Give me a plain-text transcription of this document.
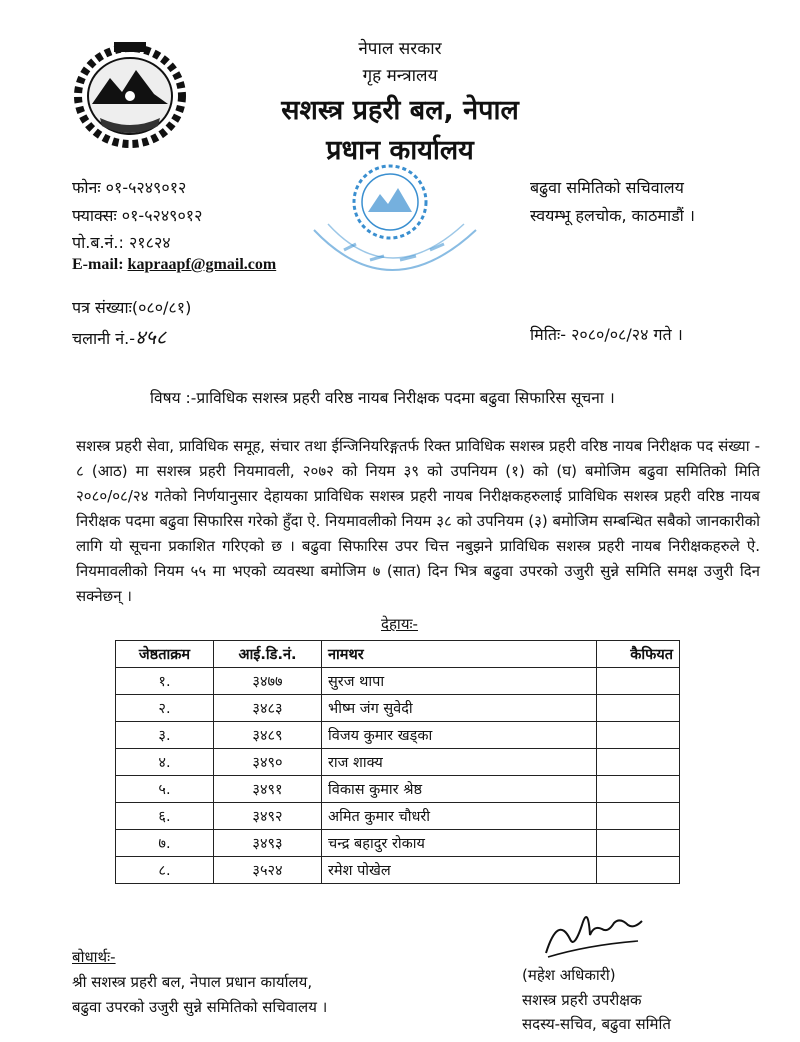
नेपाल सरकार
गृह मन्त्रालय
सशस्त्र प्रहरी बल, नेपाल
प्रधान कार्यालय
फोनः ०१-५२४९०१२
फ्याक्सः ०१-५२४९०१२
पो.ब.नं.: २१८२४
E-mail: kapraapf@gmail.com
बढुवा समितिको सचिवालय
स्वयम्भू हलचोक, काठमाडौं ।
पत्र संख्याः(०८०/८१)
चलानी नं.-४५८	मितिः- २०८०/०८/२४ गते ।
विषय :-प्राविधिक सशस्त्र प्रहरी वरिष्ठ नायब निरीक्षक पदमा बढुवा सिफारिस सूचना ।
सशस्त्र प्रहरी सेवा, प्राविधिक समूह, संचार तथा ईन्जिनियरिङ्गतर्फ रिक्त प्राविधिक सशस्त्र प्रहरी वरिष्ठ नायब निरीक्षक पद संख्या - ८ (आठ) मा सशस्त्र प्रहरी नियमावली, २०७२ को नियम ३९ को उपनियम (१) को (घ) बमोजिम बढुवा समितिको मिति २०८०/०८/२४ गतेको निर्णयानुसार देहायका प्राविधिक सशस्त्र प्रहरी नायब निरीक्षकहरुलाई प्राविधिक सशस्त्र प्रहरी वरिष्ठ नायब निरीक्षक पदमा बढुवा सिफारिस गरेको हुँदा ऐ. नियमावलीको नियम ३८ को उपनियम (३) बमोजिम सम्बन्धित सबैको जानकारीको लागि यो सूचना प्रकाशित गरिएको छ । बढुवा सिफारिस उपर चित्त नबुझने प्राविधिक सशस्त्र प्रहरी नायब निरीक्षकहरुले ऐ. नियमावलीको नियम ५५ मा भएको व्यवस्था बमोजिम ७ (सात) दिन भित्र बढुवा उपरको उजुरी सुन्ने समिति समक्ष उजुरी दिन सक्नेछन् ।
देहायः-
जेष्ठताक्रम	आई.डि.नं.	नामथर	कैफियत
१.	३४७७	सुरज थापा	
२.	३४८३	भीष्म जंग सुवेदी	
३.	३४८९	विजय कुमार खड्का	
४.	३४९०	राज शाक्य	
५.	३४९१	विकास कुमार श्रेष्ठ	
६.	३४९२	अमित कुमार चौधरी	
७.	३४९३	चन्द्र बहादुर रोकाय	
८.	३५२४	रमेश पोखेल	
बोधार्थः-
श्री सशस्त्र प्रहरी बल, नेपाल प्रधान कार्यालय,
बढुवा उपरको उजुरी सुन्ने समितिको सचिवालय ।
(महेश अधिकारी)
सशस्त्र प्रहरी उपरीक्षक
सदस्य-सचिव, बढुवा समिति
